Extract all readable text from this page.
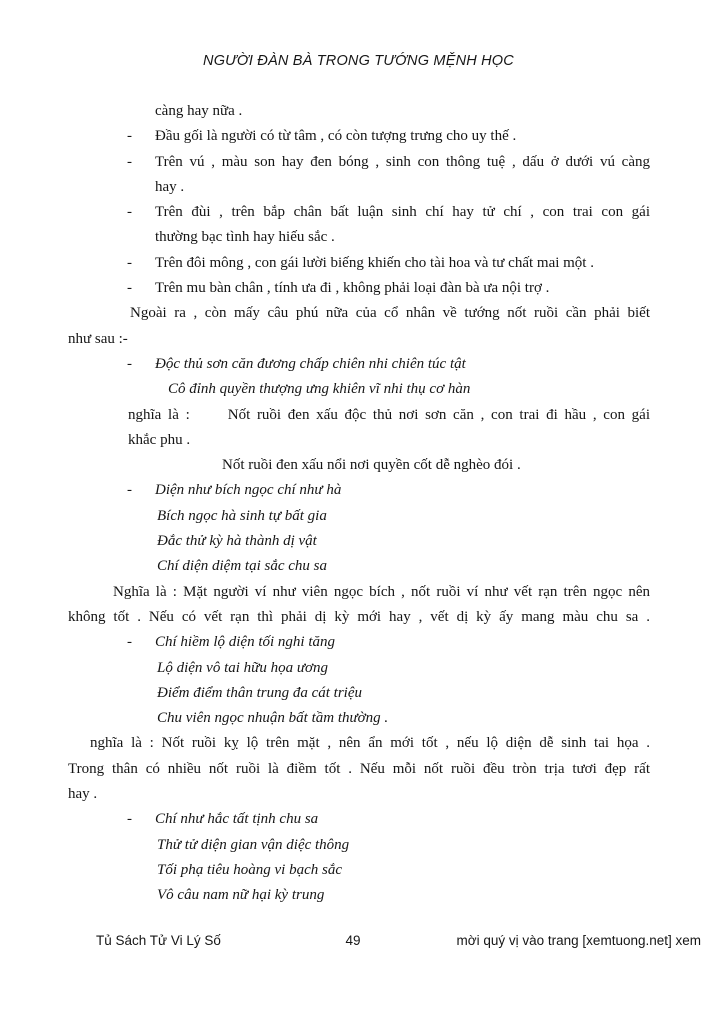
NGƯỜI ĐÀN BÀ TRONG TƯỚNG MỆNH HỌC
càng hay nữa .
- Đầu gối là người có từ tâm , có còn tượng trưng cho uy thế .
- Trên vú , màu son hay đen bóng , sinh con thông tuệ , dấu ở dưới vú càng
hay .
- Trên đùi , trên bắp chân bất luận sinh chí hay tử chí , con trai con gái
thường bạc tình hay hiếu sắc .
- Trên đôi mông , con gái lười biếng khiến cho tài hoa và tư chất mai một .
- Trên mu bàn chân , tính ưa đi , không phải loại đàn bà ưa nội trợ .
Ngoài ra , còn mấy câu phú nữa của cổ nhân về tướng nốt ruồi cần phải biết
như sau :-
- Độc thủ sơn căn đương chấp chiên nhi chiên túc tật
Cô đỉnh quyền thượng ưng khiên vĩ nhi thụ cơ hàn
nghĩa là :	Nốt ruồi đen xấu độc thủ nơi sơn căn , con trai đi hầu , con gái
khắc phu .
Nốt ruồi đen xấu nổi nơi quyền cốt dễ nghèo đói .
- Diện như bích ngọc chí như hà
Bích ngọc hà sinh tự bất gia
Đắc thử kỳ hà thành dị vật
Chí diện diệm tại sắc chu sa
Nghĩa là : Mặt người ví như viên ngọc bích , nốt ruồi ví như vết rạn trên ngọc nên
không tốt . Nếu có vết rạn thì phải dị kỳ mới hay , vết dị kỳ ấy mang màu chu sa .
- Chí hiềm lộ diện tối nghi tăng
Lộ diện vô tai hữu họa ương
Điểm điểm thân trung đa cát triệu
Chu viên ngọc nhuận bất tầm thường .
nghĩa là : Nốt ruồi kỵ lộ trên mặt , nên ẩn mới tốt , nếu lộ diện dễ sinh tai họa .
Trong thân có nhiều nốt ruồi là điềm tốt . Nếu mỗi nốt ruồi đều tròn trịa tươi đẹp rất
hay .
- Chí như hắc tất tịnh chu sa
Thử tử diện gian vận diệc thông
Tối phạ tiêu hoàng vi bạch sắc
Vô câu nam nữ hại kỳ trung
Tủ Sách Tử Vi Lý Số	49	mời quý vị vào trang [xemtuong.net] xem
